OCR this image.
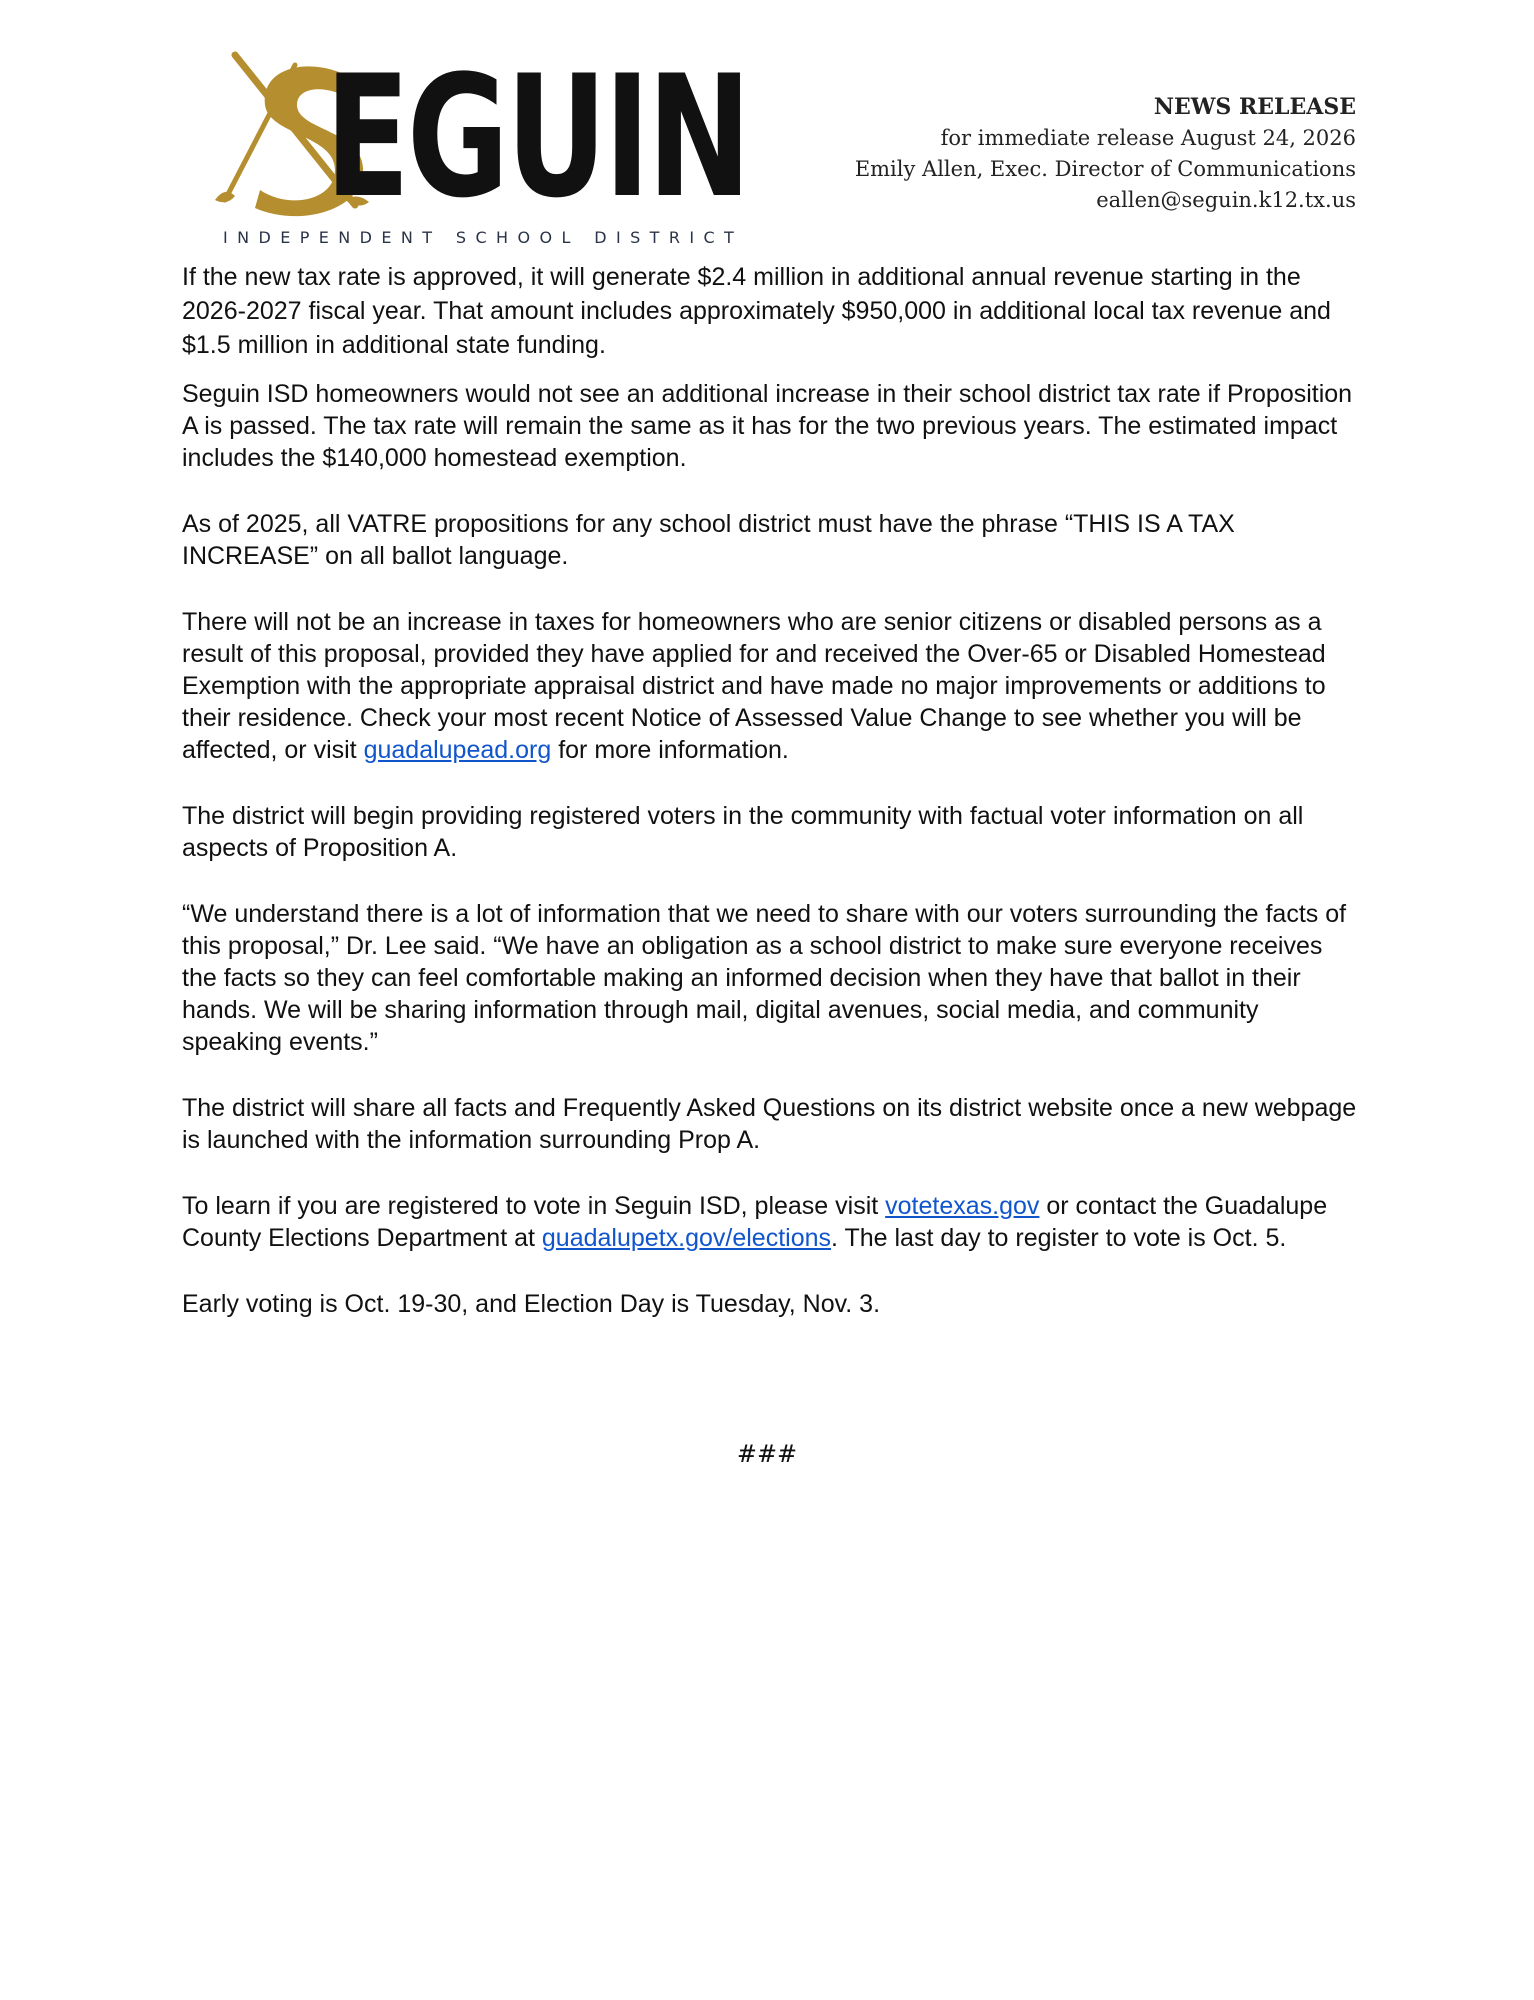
EGUIN
INDEPENDENT SCHOOL DISTRICT
NEWS RELEASE
for immediate release August 24, 2026
Emily Allen, Exec. Director of Communications
eallen@seguin.k12.tx.us

If the new tax rate is approved, it will generate $2.4 million in additional annual revenue starting in the 2026-2027 fiscal year. That amount includes approximately $950,000 in additional local tax revenue and $1.5 million in additional state funding.

Seguin ISD homeowners would not see an additional increase in their school district tax rate if Proposition A is passed. The tax rate will remain the same as it has for the two previous years. The estimated impact includes the $140,000 homestead exemption.

As of 2025, all VATRE propositions for any school district must have the phrase “THIS IS A TAX INCREASE” on all ballot language.

There will not be an increase in taxes for homeowners who are senior citizens or disabled persons as a result of this proposal, provided they have applied for and received the Over-65 or Disabled Homestead Exemption with the appropriate appraisal district and have made no major improvements or additions to their residence. Check your most recent Notice of Assessed Value Change to see whether you will be affected, or visit guadalupead.org for more information.

The district will begin providing registered voters in the community with factual voter information on all aspects of Proposition A.

“We understand there is a lot of information that we need to share with our voters surrounding the facts of this proposal,” Dr. Lee said. “We have an obligation as a school district to make sure everyone receives the facts so they can feel comfortable making an informed decision when they have that ballot in their hands. We will be sharing information through mail, digital avenues, social media, and community speaking events.”

The district will share all facts and Frequently Asked Questions on its district website once a new webpage is launched with the information surrounding Prop A.

To learn if you are registered to vote in Seguin ISD, please visit votetexas.gov or contact the Guadalupe County Elections Department at guadalupetx.gov/elections. The last day to register to vote is Oct. 5.

Early voting is Oct. 19-30, and Election Day is Tuesday, Nov. 3.

###
